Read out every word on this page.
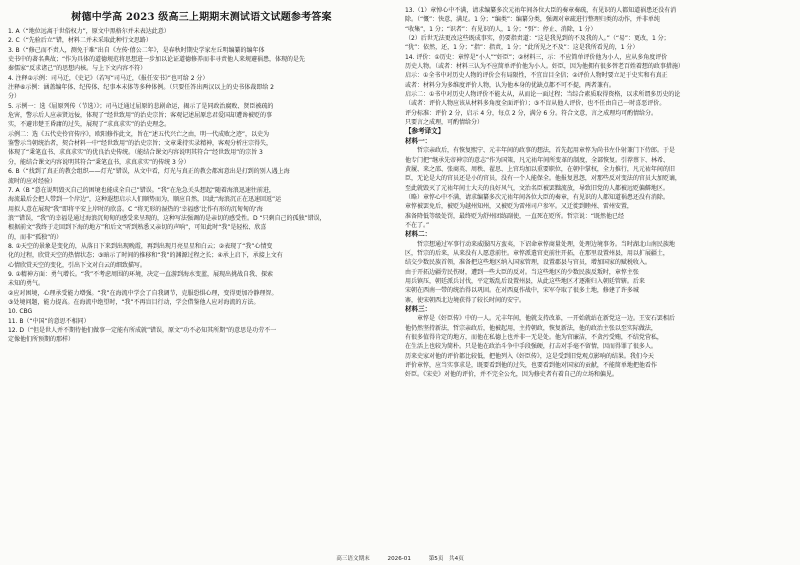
树德中学高 2023 级高三上期期末测试语文试题参考答案
1. A（“地位远离于世俗权力”，原文中黑格尔并未表达此意）
2. C（“先验后立”错，材料二并未采取此种行文思路）
3. B（“修己而不责人，测免于难”出自《左传·僖公二年》，是春秋时期史学家左丘明编纂的编年体
史书中的著名典故；“作为具体的道德规范将思想进一步加以论证道德修养而非寻责他人来规避祸患，体现的是先
秦儒家“反求诸己”的思想内核。与上下文内容不符）
4. 注释②示例：司马迁，《史记》（若写“司马迁，《报任安书》”也可给 2 分）
注释⑥示例：涵盖编年体、纪传体、纪事本末体等多种体例。（只要任答出两汉以上的史书体裁即给 2
分）
5. 示例一：选《屈原列传（节选）》；司马迁通过屈原的悲剧命运，揭示了是同政治腐败、贤臣被疏的
危害，警示后人应亲贤远佞，体现了“经世致用”的治史宗旨；客观记述屈原忠君爱国却遭谗被贬的事
实，不避讳楚王昏庸的过失，展现了“求真求实”的治史理念。
示例二：选《五代史伶官传序》，欧阳修作此文，旨在“述五代兴亡之由，明一代成败之迹”，以史为
鉴警示当朝统治者，契合材料一中“经世致用”的治史宗旨；文章秉持实录精神，客观分析庄宗得失，
体现了“秉笔直书、求真求实”的优良治史传统。（能结合课文内容说明其符合“经世致用”的宗旨 3
分，能结合课文内容说明其符合“秉笔直书，求真求实”的传统 3 分）
6. B（“找到了真正的教会组织——灯光”错误，从文中看，灯光与真正的教会都寓意出是打到的别人遇上海
流时的应对经验）
7. A（B “意在说明毁灭自己的困境也能成全自己”错误。“我”在危急关头想起“随着海浪迅速往前进，
海流最后会把人带到一个岸边”，这种遐想启示人们顺势而为，顺应自然，因此“海浪沉正在迅速回返”运
用拟人意在展现“我”即将平安上岸时的欣喜。C “将无形的湿热的‘幸福感’比作有形的沉甸甸的‘海
浪’”错误，“我”的幸福是通过海浪沉甸甸的感受来呈现的，这种写法强调的是亲切的感受性。D “只剩自己的孤独”错误，
根据前文“我终于走回到下海的地方”和后文“听到熟悉又亲切的声响”，可知此时“我”是轻松、欣喜
的，而非“孤独”的）
8. ①天空的景象是变化的，从落日下来到出现晚霞，再到出现月亮星星和白云；②表现了“我”心情变
化的过程，欣赏天空的热情状态；③暗示了时间的推移和“我”的渊源过程之长；④承上启下，承接上文有
心情欣赏天空的变化，引出下文对白云的细致描写。
9. ①精神方面：勇气增长。“我”不考虑周围的环境，决定一直游到海水变蓝，展现出挑战自我、探索
未知的勇气。
②应对困境，心理承受能力增强。“我”在海流中学会了自我调节，克服恐惧心理，变得更加冷静理智。
③处境问题，能力提高。在海流中绝望时，“我”不再盲目行动，学会借鉴他人应对海流的方法。
10. CBG
11. B（“中国”的意思不相同）
12. D（“但是世人并不期待他们做事一定能有所成就”错误，原文“功不必知其所期”的意思是功劳不一
定像他们所预期的那样）
13.（1）章悼心中不满，请求编纂多次元祐年间各位大臣的奏章奏疏，有见识的人都知道祸患还没有消
除。（“慨”：快意，满足。1 分；“编类”：编纂分类，强调对章疏进行整理归类的动作，并非单纯
“收集”，1 分；“识者”：有见识的人，1 分；“弭”：停止、消除，1 分）
（2）后世无法更改这些既成事实，仍要指责道：“这是我见到的不及我的人。”（“易”：更改，1 分；
“犹”：依然，还，1 分；“指”：指责，1 分；“此所见之不及”：这是我所看见的，1 分）
14. 评价：①历史：章惇是“小人”“奸臣”；②材料三，示：不应简单评价他为小人，应从多角度评价
历史人物。（或者：材料三认为不应简单评价他为小人。奸臣，因为他拥有很多替老百姓着想的政事措施）
启示：①全书中对历史人物的评价会有局限性，不宜盲目全信；②评价人物时要立足于史实和有真正
或者：材料分为多维度评价人物，认为他本身的优缺点都不可不提，两者兼有。
启示二：①书中对历史人物评价不能太从，从而论一面过程；当综合素质取得资格，以求所谓多历史的论
（或者：评价人物应该从材料多角度全面评价）；③不盲从他人评价，也不任由自己一时喜恶评价。
评分标准：评价 2 分，启示 4 分，每点 2 分，满分 6 分。符合文意，言之成理均可酌情给分。
只要言之成理，可酌情给分）
【参考译文】
材料一：
哲宗亲政后，有恢复熙宁、元丰年间的政事的想法，首先起用章惇为尚书左仆射兼门下侍郎。于是
他专门把“继承先帝神宗的意志”作为国策，凡元祐年间所变革的制度，全部恢复。引荐蔡卞、林希、
黄履、来之邵、张商英、周秩、翟思、上官均加以重要职位，在朝中掌权，全力推行，凡元祐年间的旧
臣，无论是大的官员还是小的官员，没有一个人能保全。他报复恩怨，对那些反对变法的官员大加贬谪，
至此就毁灭了元祐年间士大夫的良好风气，文治名臣被罢黜流放，导致旧党的人都被远贬偏僻地区。
（略）章惇心中不满，请求编纂多次元祐年间各位大臣的奏章，有见识的人都知道祸患还没有消除。
章惇被罢免后，被贬为越州知州，又被贬为雷州司户参军。又迁徙到睦州、雷州安置，
准备降低等级处罚，最终贬为舒州团练副使，一直死在贬所。哲宗说：“既然他已经
不在了。”
材料二：
哲宗想通过军事行动来威服四方蛮夷，下诏命章惇商量处理，处理边境事务。当时湖北山南民族地
区，哲宗的后来，从来没有人愿意前往。章惇派遣官吏前往开拓，在那里设置州县，用以扩展疆土，
结交少数民族首领，准备把这些地区纳入国家管理，设置郡县与官员，增加国家的赋税收入。
由于开拓边疆劳民伤财，遭到一些大臣的反对。当这些地区的少数民族反叛时，章惇主张
用兵镇压，朝廷派兵讨伐，平定叛乱后设置州县，从此这些地区才逐渐归入朝廷管辖。后来
宋朝在西南一带的统治得以巩固。在对西夏作战中，宋军夺取了很多土地，修建了许多城
寨，使宋朝西北边境获得了较长时间的安宁。
材料三：
章惇是《奸臣传》中的一人。元丰年间，他就支持改革，一开始就站在新党这一边。王安石罢相后
他仍然坚持新法，哲宗亲政后，他被起用，主持朝政，恢复新法，他的政治主张以至实际做法，
有很多值得肯定的地方，而他在私德上也并非一无是处。他为官廉洁，不贪污受贿，不结党营私，
在生活上也较为简朴。只是他在政治斗争中手段强硬，打击对手毫不留情，因而得罪了很多人。
历来史家对他的评价都比较低，把他列入《奸臣传》，这是受到旧党观点影响的结果。我们今天
评价章惇，应当实事求是，既要看到他的过失，也要看到他对国家的贡献，不能简单地把他看作
奸臣。《宋史》对他的评价，并不完全公允，因为修史者有着自己的立场和偏见。
高三语文期末	2026-01	第5页　共4页
